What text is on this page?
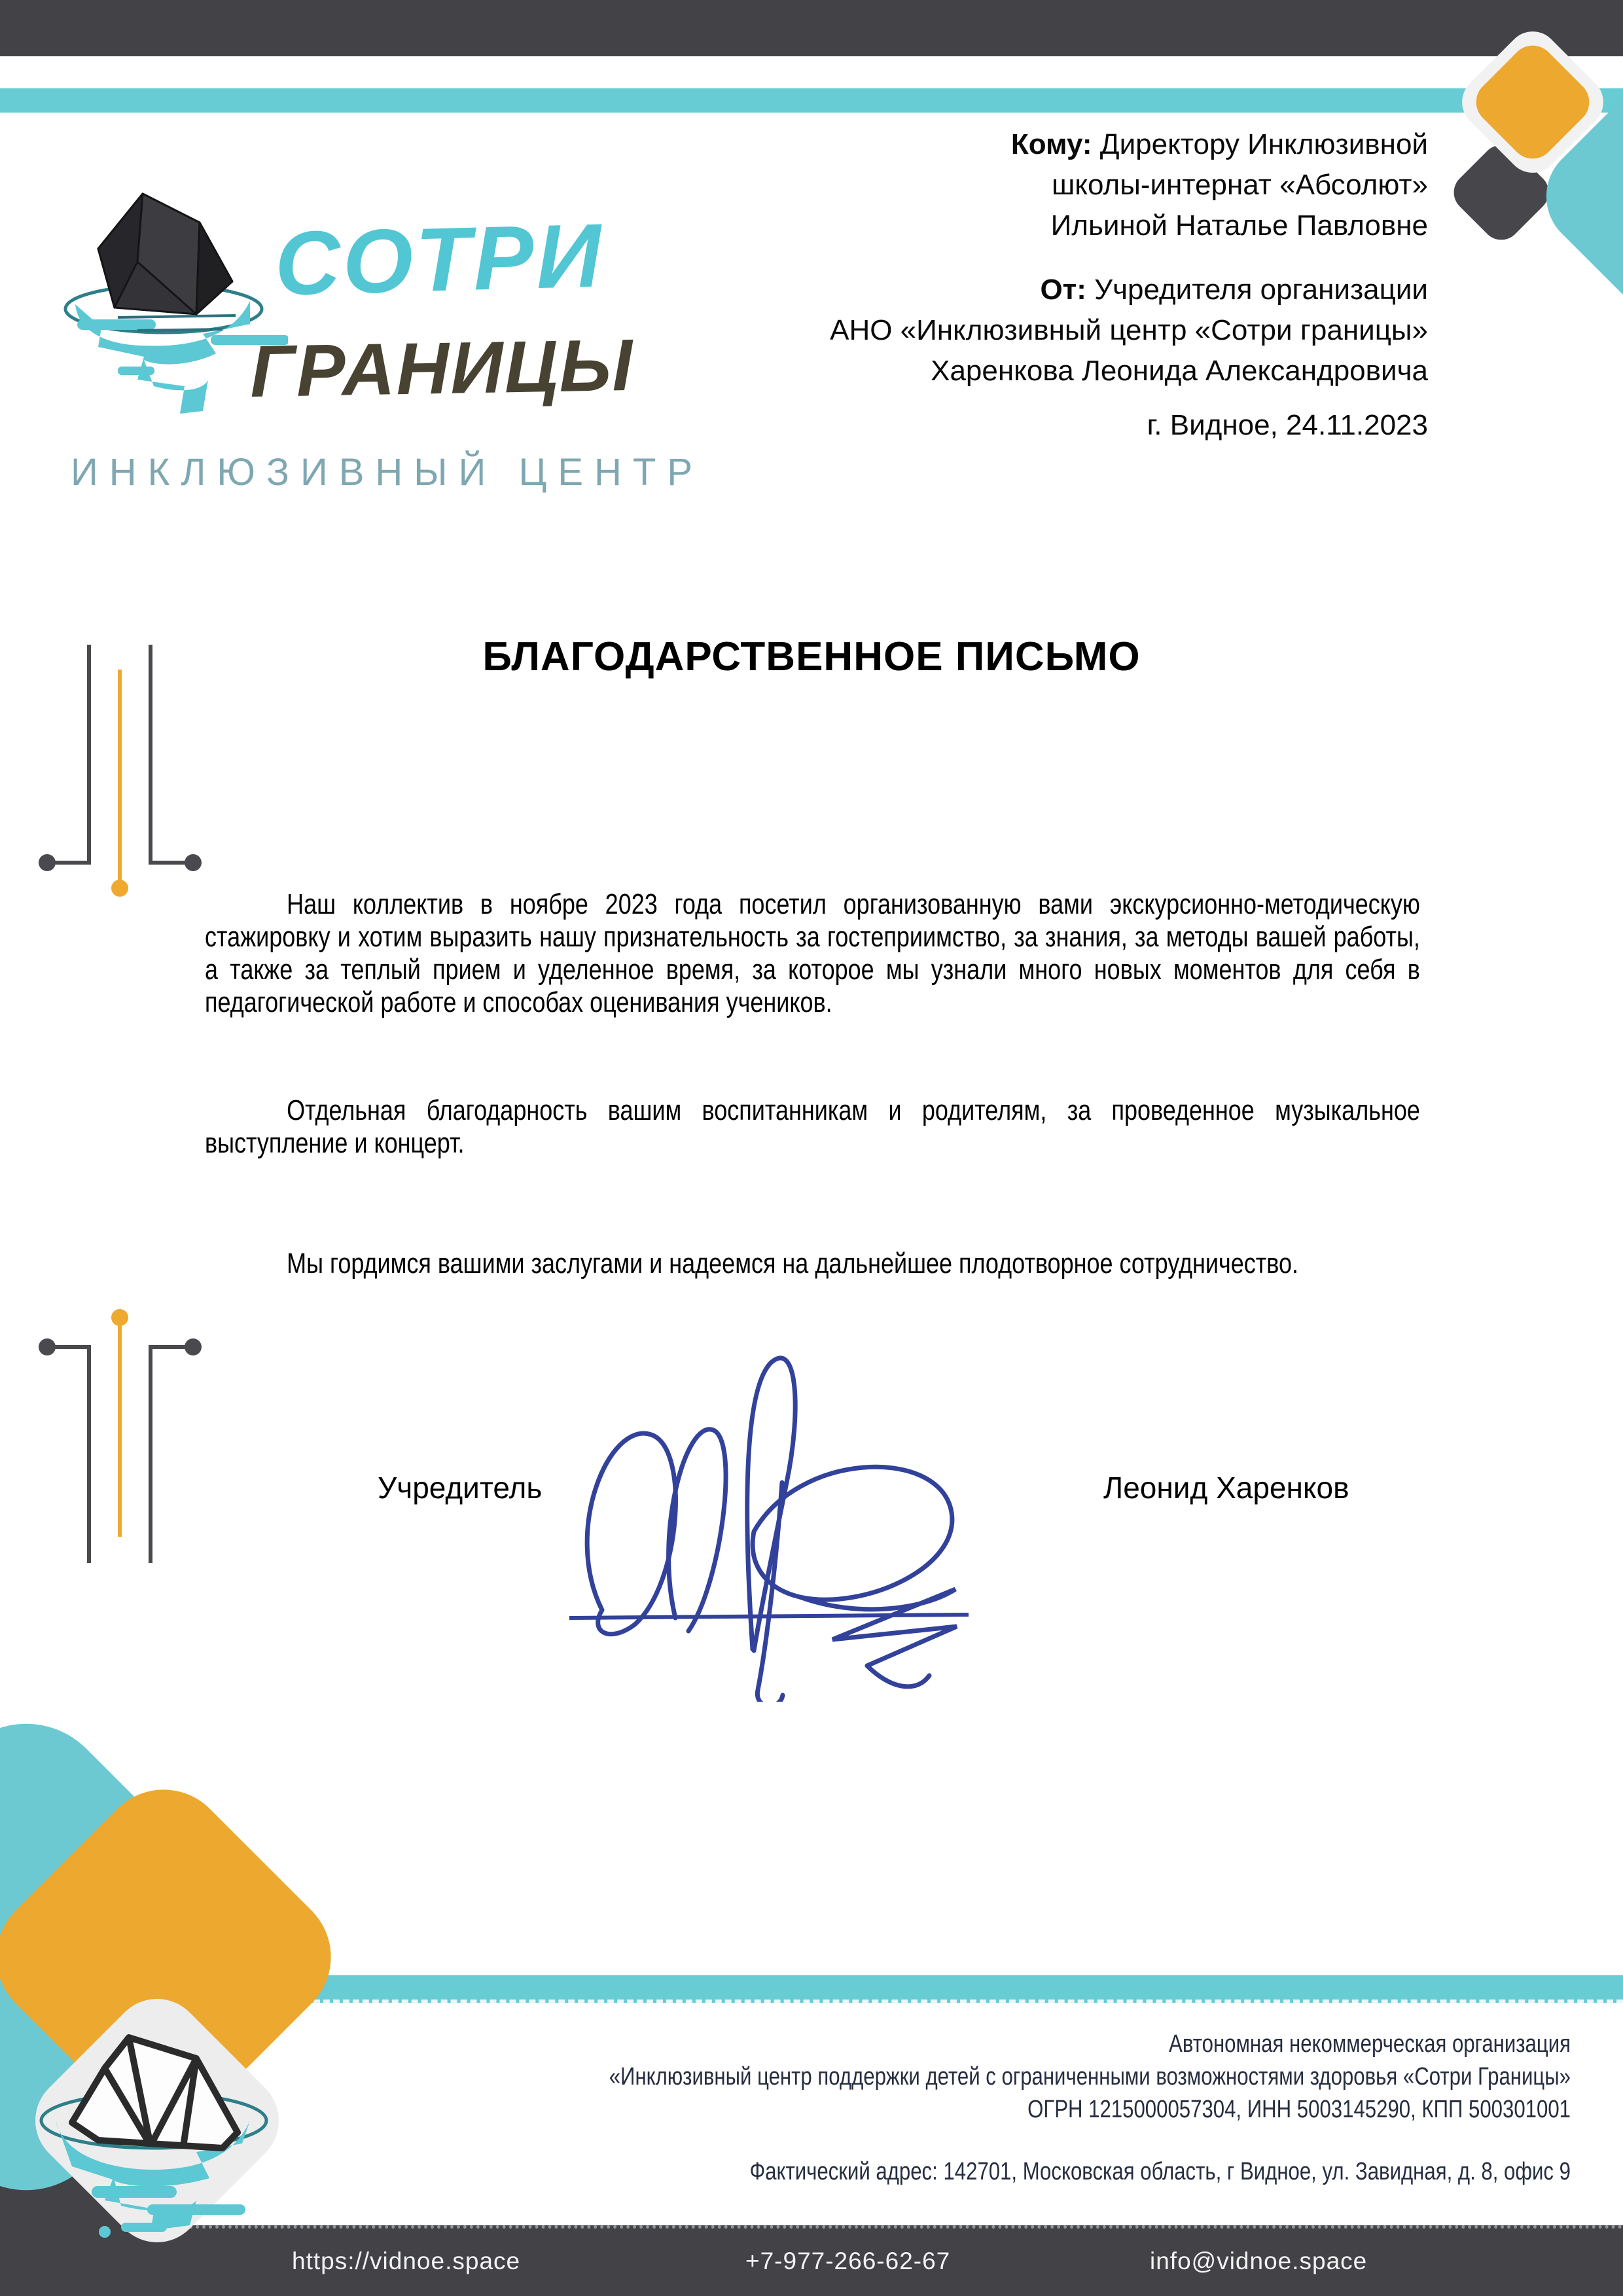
СОТРИ
ГРАНИЦЫ
ИНКЛЮЗИВНЫЙ ЦЕНТР
Кому: Директору Инклюзивной
школы-интернат «Абсолют»
Ильиной Наталье Павловне
От: Учредителя организации
АНО «Инклюзивный центр «Сотри границы»
Харенкова Леонида Александровича
г. Видное, 24.11.2023
БЛАГОДАРСТВЕННОЕ ПИСЬМО

Наш коллектив в ноябре 2023 года посетил организованную вами экскурсионно-методическую стажировку и хотим выразить нашу признательность за гостеприимство, за знания, за методы вашей работы, а также за теплый прием и уделенное время, за которое мы узнали много новых моментов для себя в педагогической работе и способах оценивания учеников.

Отдельная благодарность вашим воспитанникам и родителям, за проведенное музыкальное выступление и концерт.

Мы гордимся вашими заслугами и надеемся на дальнейшее плодотворное сотрудничество.

Учредитель	Леонид Харенков
Автономная некоммерческая организация
«Инклюзивный центр поддержки детей с ограниченными возможностями здоровья «Сотри Границы»
ОГРН 1215000057304, ИНН 5003145290, КПП 500301001
Фактический адрес: 142701, Московская область, г Видное, ул. Завидная, д. 8, офис 9
https://vidnoe.space	+7-977-266-62-67	info@vidnoe.space
